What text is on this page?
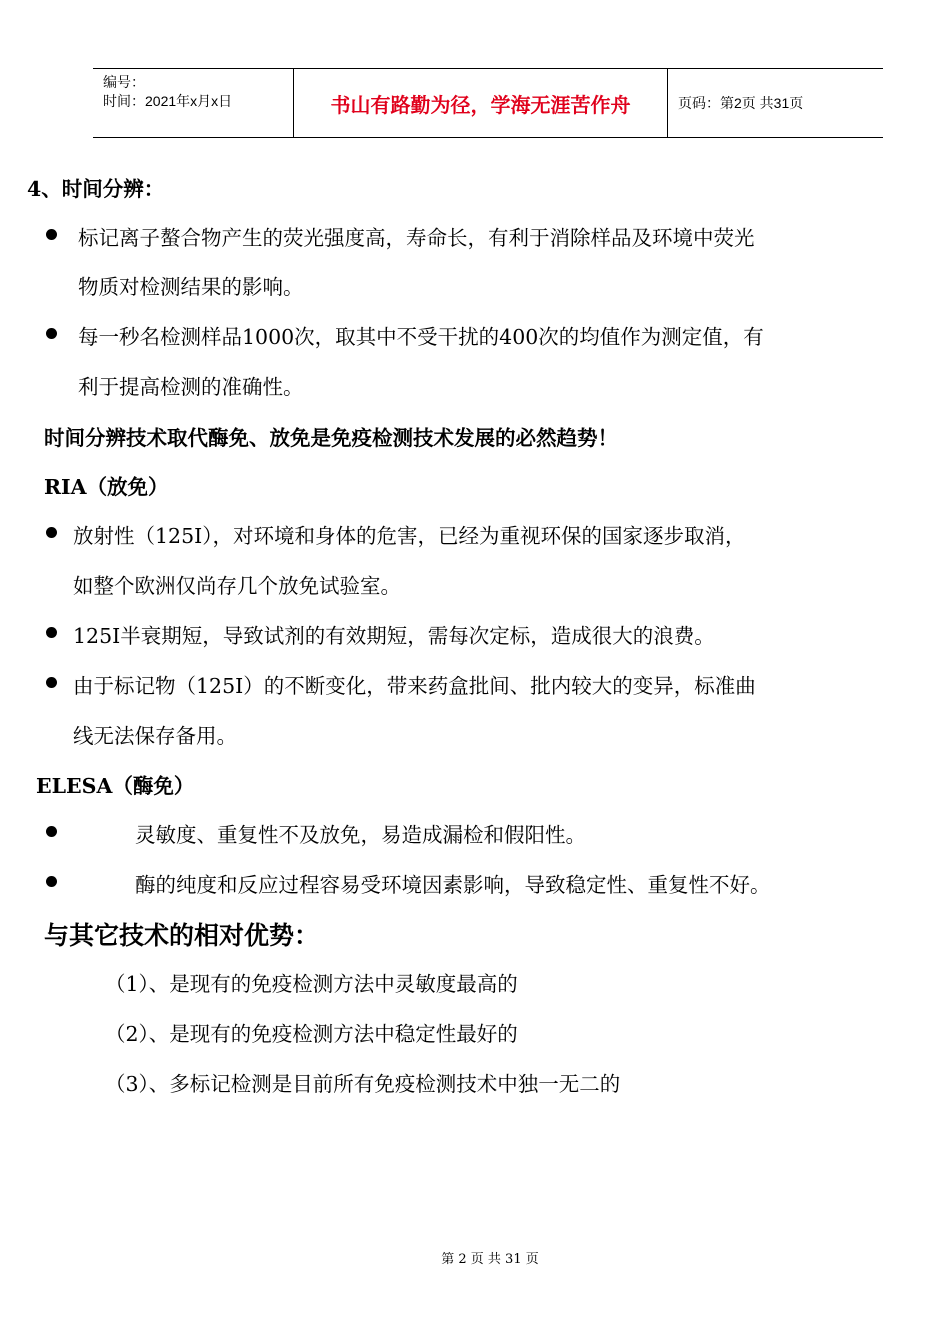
编号：
时间：2021年x月x日	书山有路勤为径，学海无涯苦作舟	页码：第2页 共31页
4、时间分辨：
标记离子螯合物产生的荧光强度高，寿命长，有利于消除样品及环境中荧光
物质对检测结果的影响。
每一秒名检测样品1000次，取其中不受干扰的400次的均值作为测定值，有
利于提高检测的准确性。
时间分辨技术取代酶免、放免是免疫检测技术发展的必然趋势！
RIA（放免）
放射性（125I），对环境和身体的危害，已经为重视环保的国家逐步取消，
如整个欧洲仅尚存几个放免试验室。
125I半衰期短，导致试剂的有效期短，需每次定标，造成很大的浪费。
由于标记物（125I）的不断变化，带来药盒批间、批内较大的变异，标准曲
线无法保存备用。
ELESA（酶免）
灵敏度、重复性不及放免，易造成漏检和假阳性。
酶的纯度和反应过程容易受环境因素影响，导致稳定性、重复性不好。
与其它技术的相对优势：
（1）、是现有的免疫检测方法中灵敏度最高的
（2）、是现有的免疫检测方法中稳定性最好的
（3）、多标记检测是目前所有免疫检测技术中独一无二的
第 2 页 共 31 页
